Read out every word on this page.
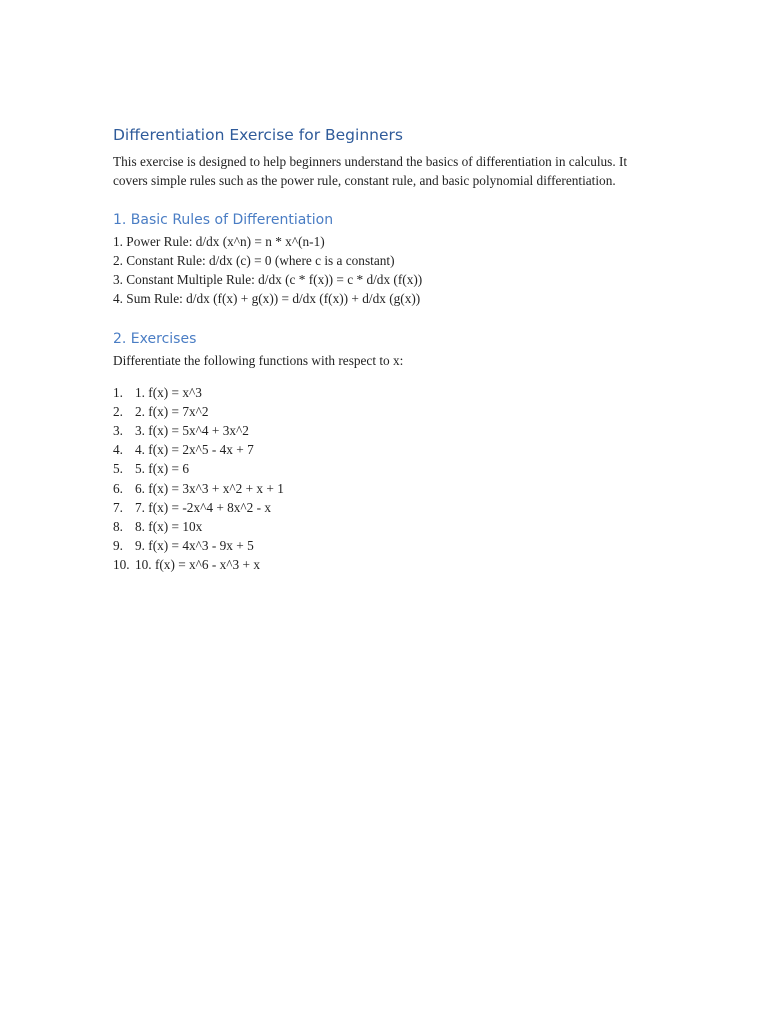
Differentiation Exercise for Beginners

This exercise is designed to help beginners understand the basics of differentiation in calculus. It covers simple rules such as the power rule, constant rule, and basic polynomial differentiation.

1. Basic Rules of Differentiation

1. Power Rule: d/dx (x^n) = n * x^(n-1)

2. Constant Rule: d/dx (c) = 0 (where c is a constant)

3. Constant Multiple Rule: d/dx (c * f(x)) = c * d/dx (f(x))

4. Sum Rule: d/dx (f(x) + g(x)) = d/dx (f(x)) + d/dx (g(x))

2. Exercises

Differentiate the following functions with respect to x:

1. 1. f(x) = x^3
2. 2. f(x) = 7x^2
3. 3. f(x) = 5x^4 + 3x^2
4. 4. f(x) = 2x^5 - 4x + 7
5. 5. f(x) = 6
6. 6. f(x) = 3x^3 + x^2 + x + 1
7. 7. f(x) = -2x^4 + 8x^2 - x
8. 8. f(x) = 10x
9. 9. f(x) = 4x^3 - 9x + 5
10. 10. f(x) = x^6 - x^3 + x
